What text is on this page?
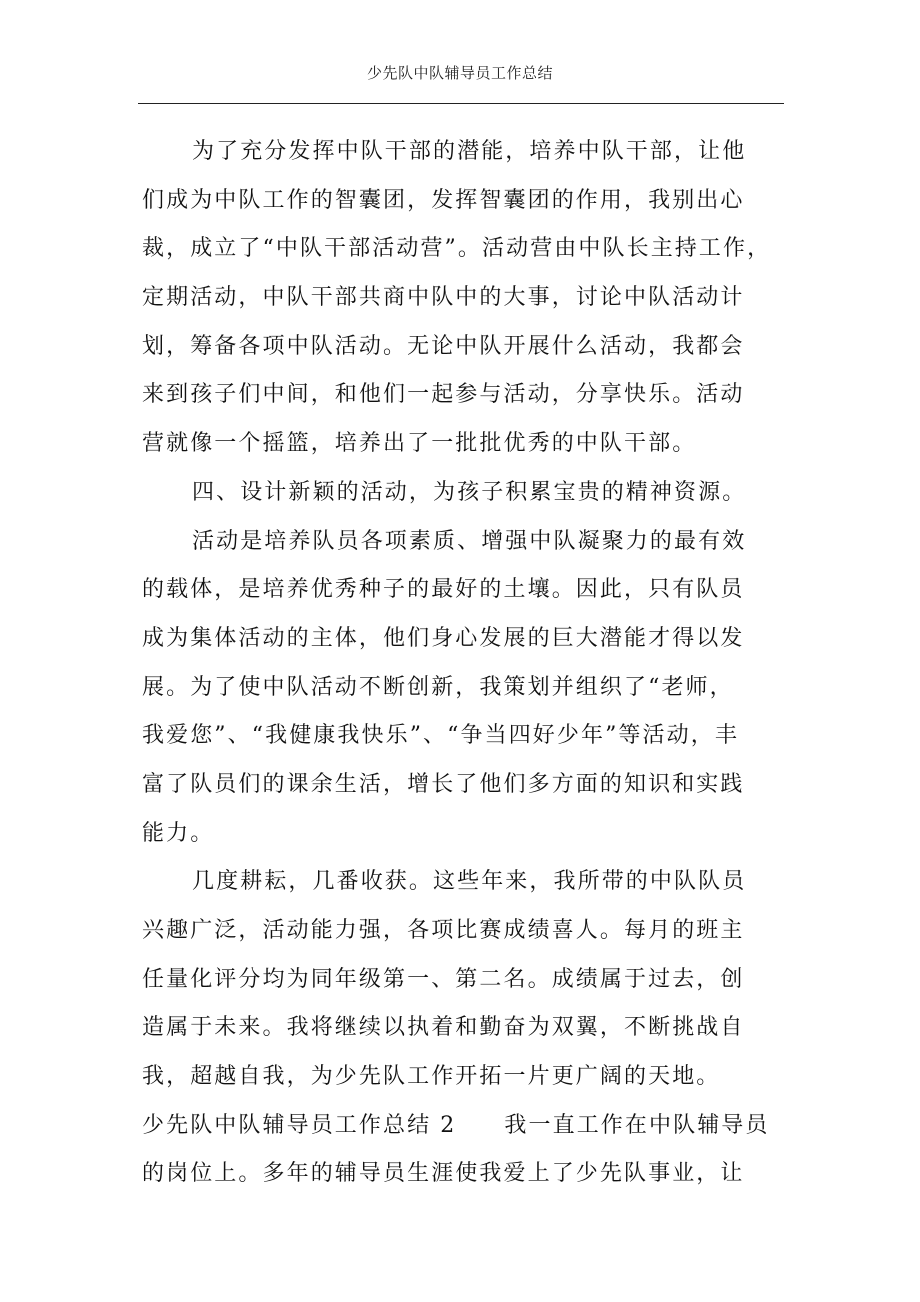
少先队中队辅导员工作总结
为了充分发挥中队干部的潜能，培养中队干部，让他
们成为中队工作的智囊团，发挥智囊团的作用，我别出心
裁，成立了“中队干部活动营”。活动营由中队长主持工作，
定期活动，中队干部共商中队中的大事，讨论中队活动计
划，筹备各项中队活动。无论中队开展什么活动，我都会
来到孩子们中间，和他们一起参与活动，分享快乐。活动
营就像一个摇篮，培养出了一批批优秀的中队干部。
四、设计新颖的活动，为孩子积累宝贵的精神资源。
活动是培养队员各项素质、增强中队凝聚力的最有效
的载体，是培养优秀种子的最好的土壤。因此，只有队员
成为集体活动的主体，他们身心发展的巨大潜能才得以发
展。为了使中队活动不断创新，我策划并组织了“老师，
我爱您”、“我健康我快乐”、“争当四好少年”等活动，丰
富了队员们的课余生活，增长了他们多方面的知识和实践
能力。
几度耕耘，几番收获。这些年来，我所带的中队队员
兴趣广泛，活动能力强，各项比赛成绩喜人。每月的班主
任量化评分均为同年级第一、第二名。成绩属于过去，创
造属于未来。我将继续以执着和勤奋为双翼，不断挑战自
我，超越自我，为少先队工作开拓一片更广阔的天地。
少先队中队辅导员工作总结 2 我一直工作在中队辅导员
的岗位上。多年的辅导员生涯使我爱上了少先队事业，让
